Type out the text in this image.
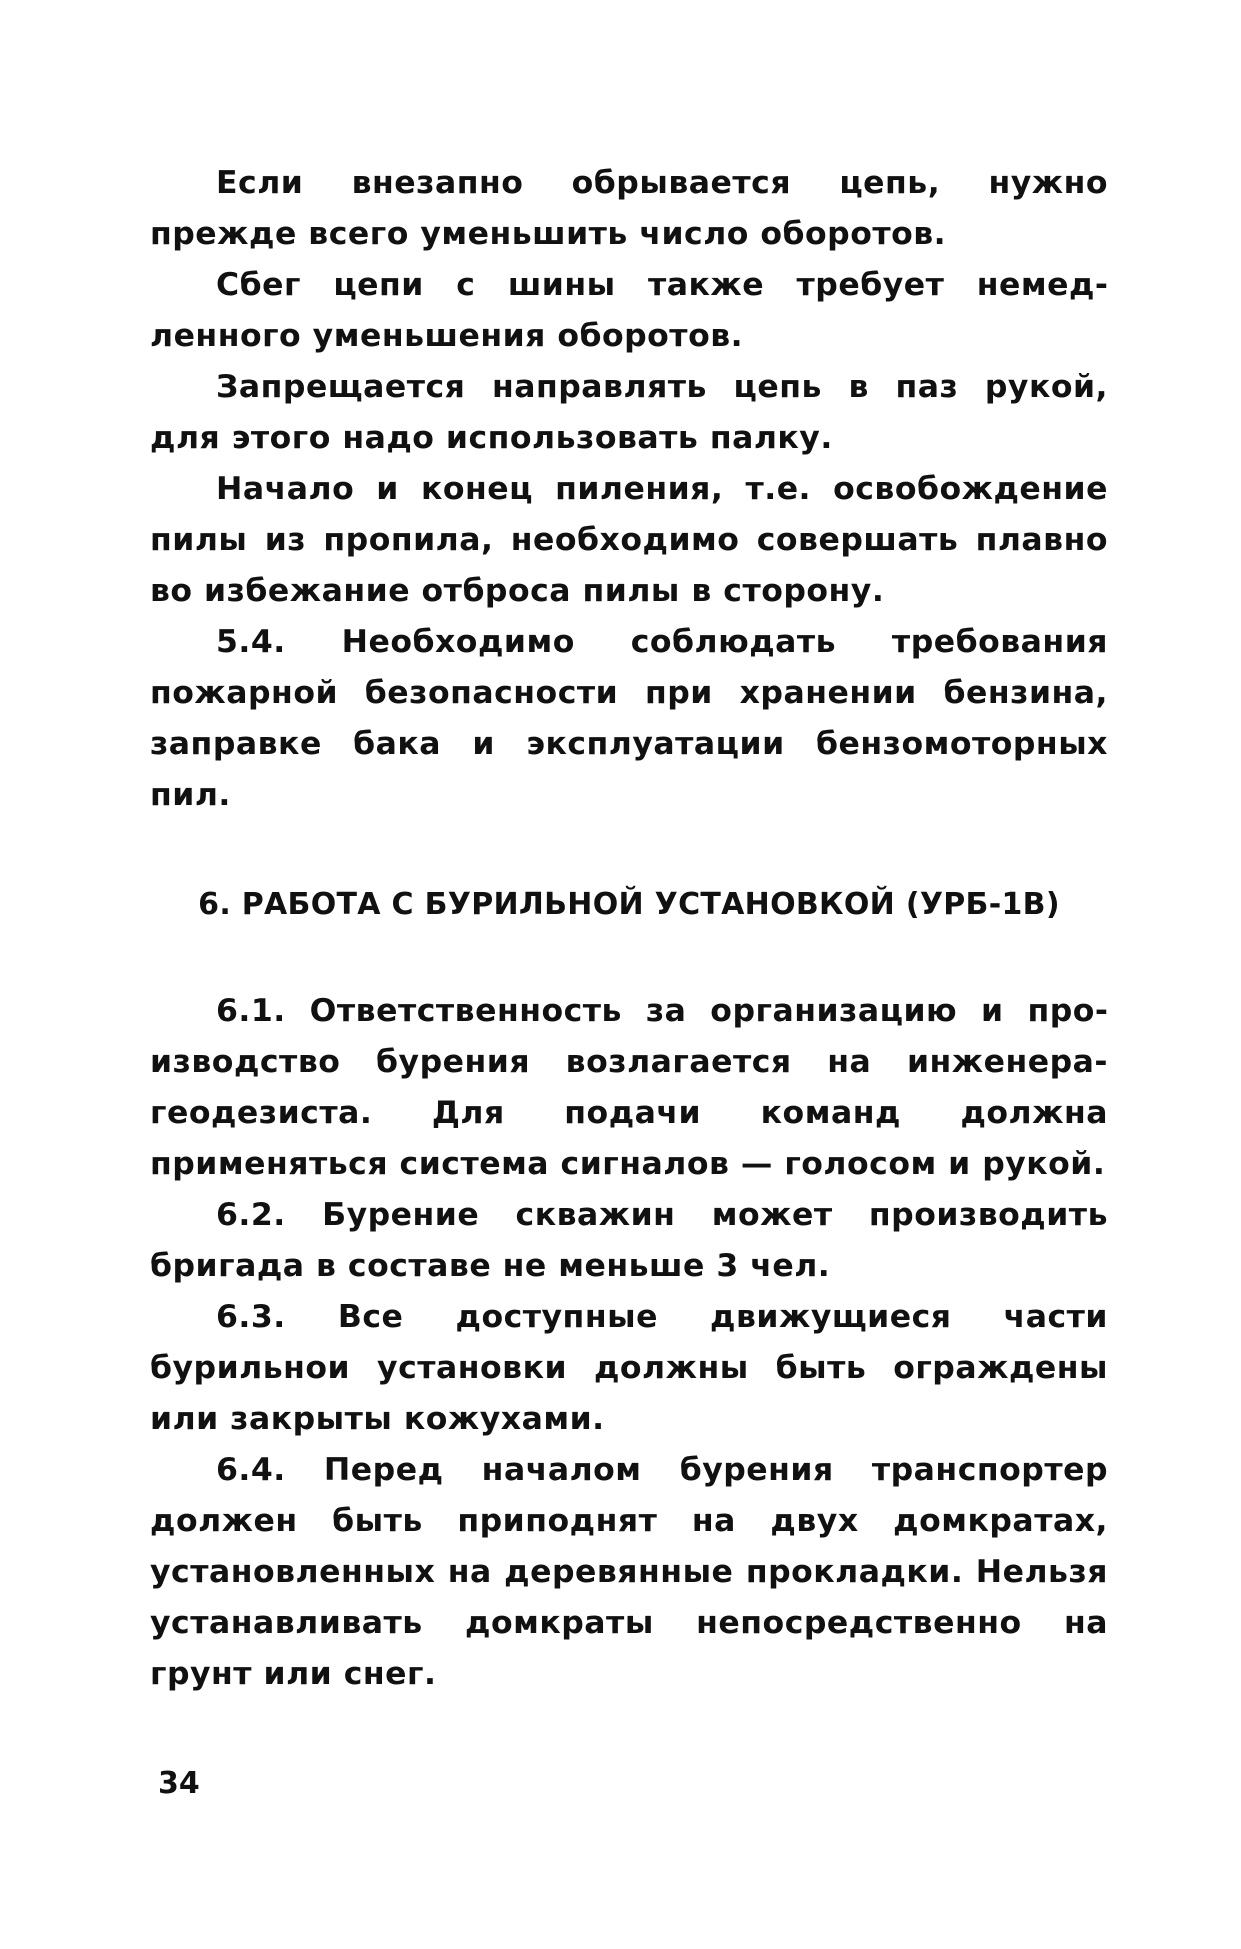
Если внезапно обрывается цепь, нужно прежде всего уменьшить число оборотов.

Сбег цепи с шины также требует немедленного уменьшения оборотов.

Запрещается направлять цепь в паз рукой, для этого надо использовать палку.

Начало и конец пиления, т.е. освобождение пилы из пропила, необходимо совершать плавно во избежание отброса пилы в сторону.

5.4. Необходимо соблюдать требования пожарной безопасности при хранении бензина, заправке бака и эксплуатации бензомоторных пил.

6. РАБОТА С БУРИЛЬНОЙ УСТАНОВКОЙ (УРБ-1В)

6.1. Ответственность за организацию и производство бурения возлагается на инженера-геодезиста. Для подачи команд должна применяться система сигналов — голосом и рукой.

6.2. Бурение скважин может производить бригада в составе не меньше 3 чел.

6.3. Все доступные движущиеся части бурильнои установки должны быть ограждены или закрыты кожухами.

6.4. Перед началом бурения транспортер должен быть приподнят на двух домкратах, установленных на деревянные прокладки. Нельзя устанавливать домкраты непосредственно на грунт или снег.

34
